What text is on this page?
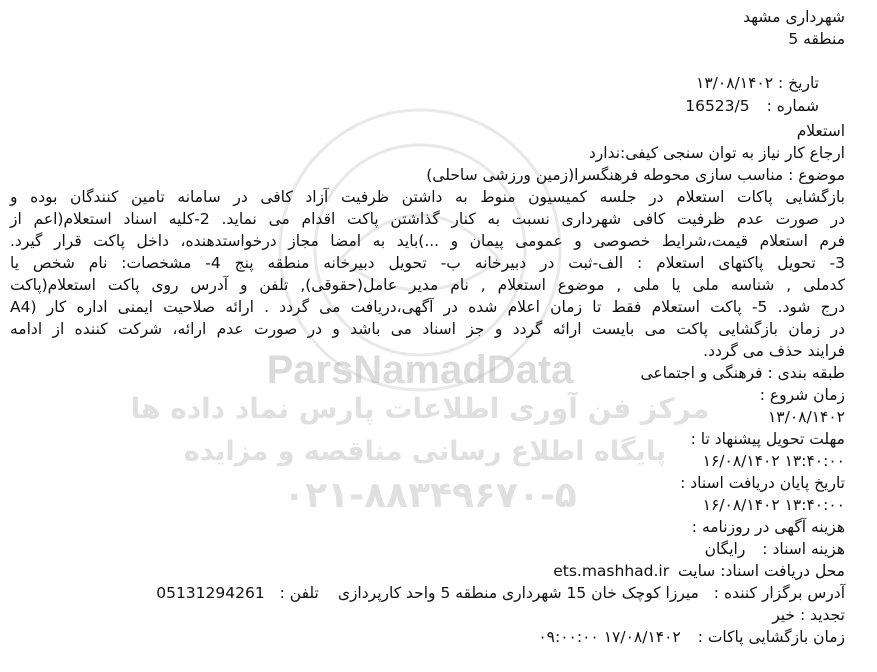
ParsNamadData
مرکز فن آوری اطلاعات پارس نماد داده ها
پایگاه اطلاع رسانی مناقصه و مزایده
۰۲۱-۸۸۳۴۹۶۷۰-۵
شهرداری مشهد
منطقه 5
تاریخ : ۱۳/۰۸/۱۴۰۲
شماره : 16523/5
استعلام
ارجاع کار نیاز به توان سنجی کیفی:ندارد
موضوع : مناسب سازی محوطه فرهنگسرا(زمین ورزشی ساحلی)
بازگشایی پاکات استعلام در جلسه کمیسیون منوط به داشتن ظرفیت آزاد کافی در سامانه تامین کنندگان بوده و
در صورت عدم ظرفیت کافی شهرداری نسبت به کنار گذاشتن پاکت اقدام می نماید. 2-کلیه اسناد استعلام(اعم از
فرم استعلام قیمت،شرایط خصوصی و عمومی پیمان و ...)باید به امضا مجاز درخواستدهنده، داخل پاکت قرار گیرد.
3- تحویل پاکتهای استعلام : الف-ثبت در دبیرخانه ب- تحویل دبیرخانه منطقه پنج 4- مشخصات: نام شخص یا
کدملی , شناسه ملی یا ملی , موضوع استعلام , نام مدیر عامل(حقوقی), تلفن و آدرس روی پاکت استعلام(پاکت
A4) درج شود. 5- پاکت استعلام فقط تا زمان اعلام شده در آگهی،دریافت می گردد . ارائه صلاحیت ایمنی اداره کار
در زمان بازگشایی پاکت می بایست ارائه گردد و جز اسناد می باشد و در صورت عدم ارائه، شرکت کننده از ادامه
فرایند حذف می گردد.
طبقه بندی : فرهنگی و اجتماعی
زمان شروع :
۱۳/۰۸/۱۴۰۲
مهلت تحویل پیشنهاد تا :
۱۶/۰۸/۱۴۰۲ ۱۳:۴۰:۰۰
تاریخ پایان دریافت اسناد :
۱۶/۰۸/۱۴۰۲ ۱۳:۴۰:۰۰
هزینه آگهی در روزنامه :
هزینه اسناد : رایگان
محل دریافت اسناد: سایت ets.mashhad.ir
آدرس برگزار کننده : میرزا کوچک خان 15 شهرداری منطقه 5 واحد کارپردازی تلفن : 05131294261
تجدید : خیر
زمان بازگشایی پاکات : ۱۷/۰۸/۱۴۰۲ ۰۹:۰۰:۰۰
